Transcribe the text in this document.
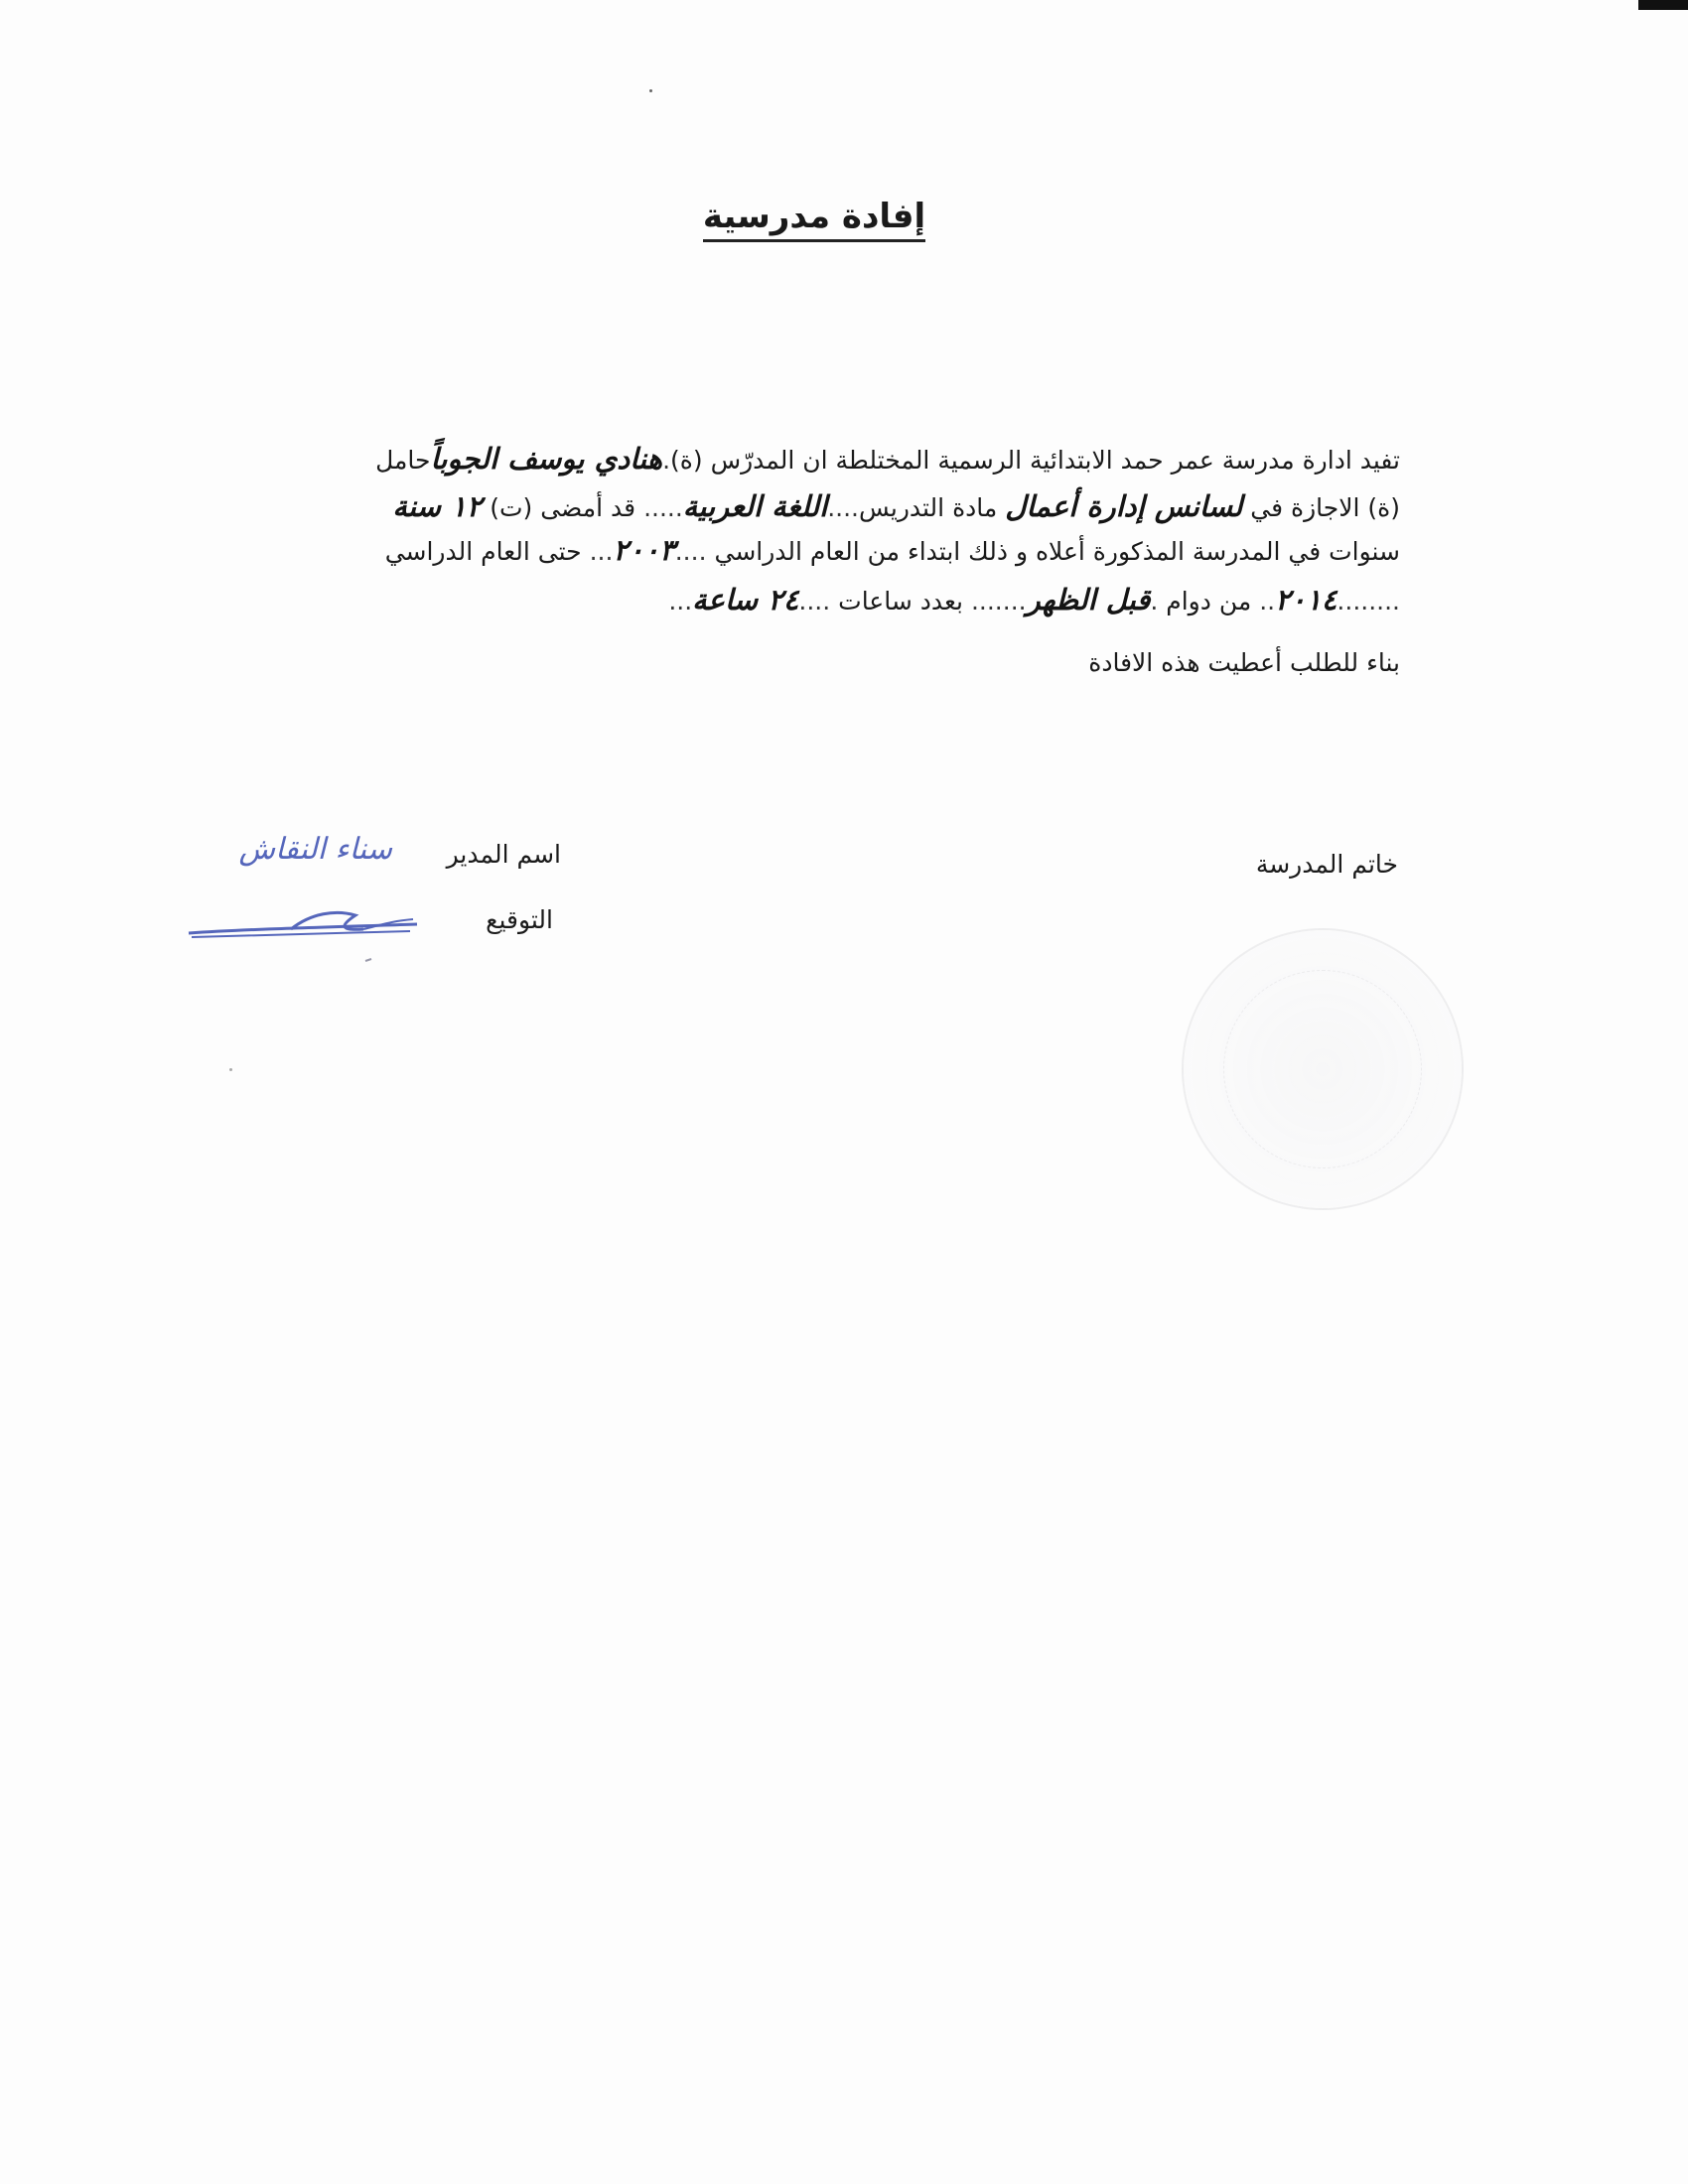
إفادة مدرسية
تفيد ادارة مدرسة عمر حمد الابتدائية الرسمية المختلطة ان المدرّس (ة).هنادي يوسف الجوباًحامل
(ة) الاجازة في لسانس إدارة أعمال مادة التدريس....اللغة العربية..... قد أمضى (ت) ١٢ سنة
سنوات في المدرسة المذكورة أعلاه و ذلك ابتداء من العام الدراسي ....٢٠٠٣... حتى العام الدراسي
........٢٠١٤.. من دوام .قبل الظهر....... بعدد ساعات ....٢٤ ساعة...
بناء للطلب أعطيت هذه الافادة
خاتم المدرسة
اسم المدير
سناء النقاش
التوقيع
